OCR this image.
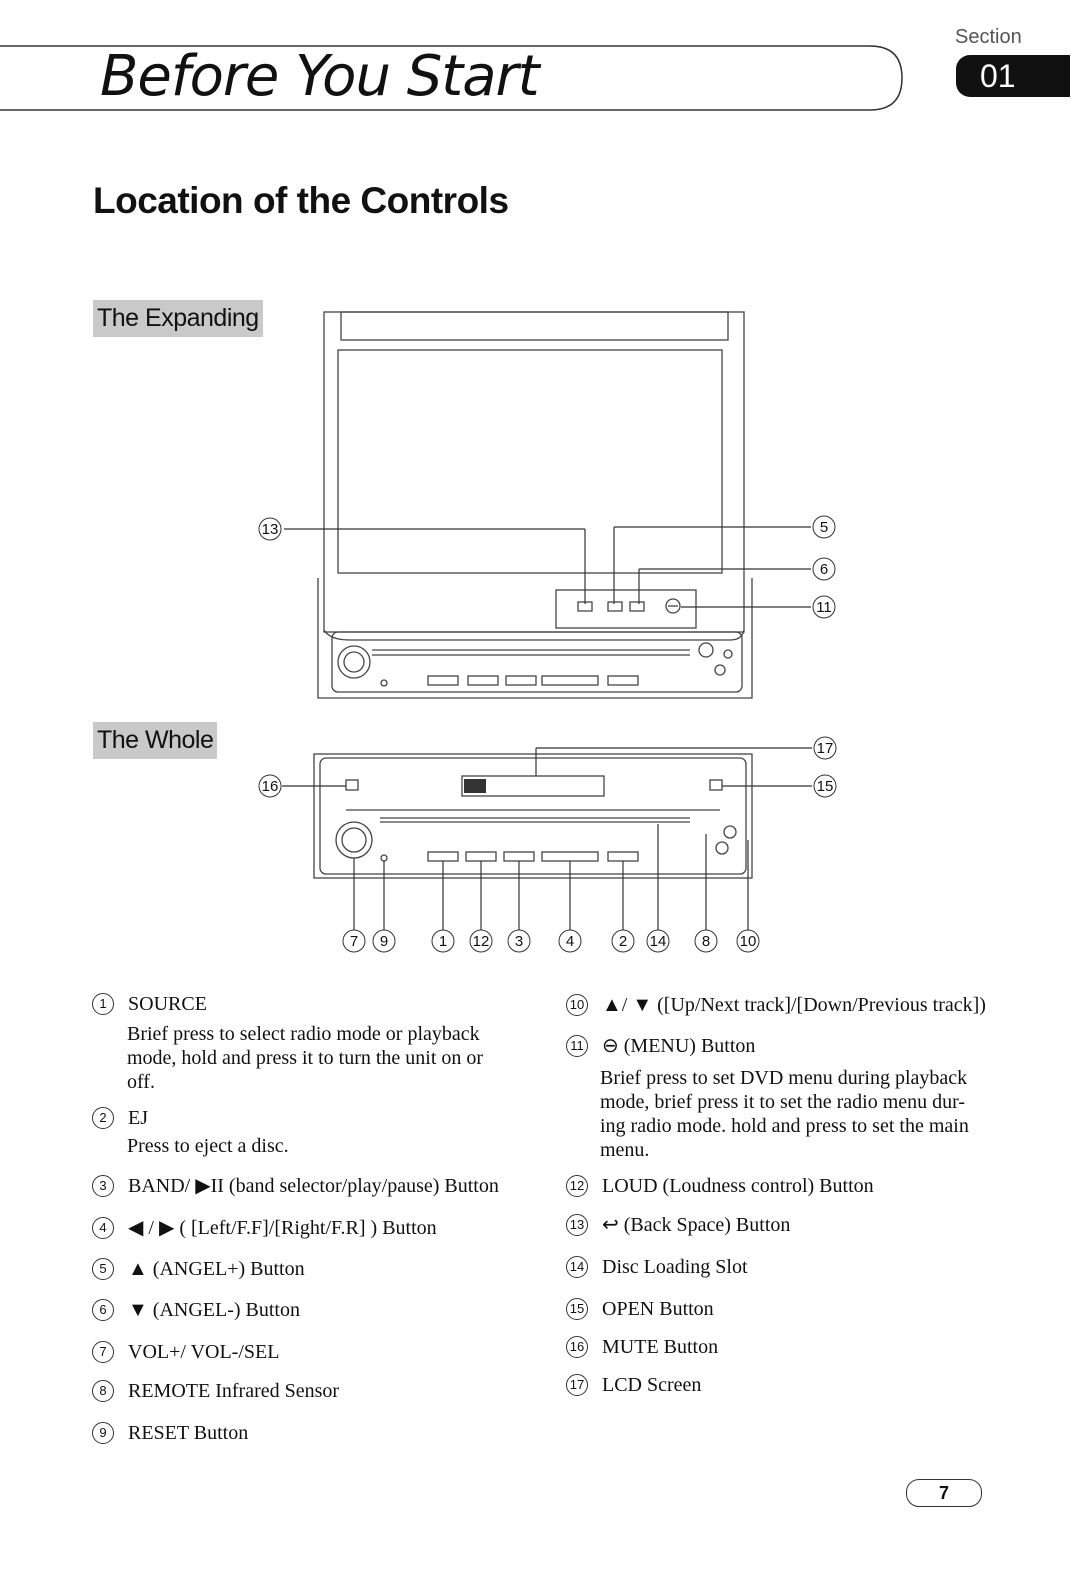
Before You Start
Section
01
Location of the Controls
The Expanding
The Whole
13	5
6
11
17
16	15
7 9	1 12 3	4	2 14 8 10
1 SOURCE
Brief press to select radio mode or playback
mode, hold and press it to turn the unit on or
off.
2 EJ
Press to eject a disc.
3 BAND/ ▶II (band selector/play/pause) Button
4 ◀ / ▶ ( [Left/F.F]/[Right/F.R] ) Button
5 ▲ (ANGEL+) Button
6 ▼ (ANGEL-) Button
7 VOL+/ VOL-/SEL
8 REMOTE Infrared Sensor
9 RESET Button
10 ▲/ ▼ ([Up/Next track]/[Down/Previous track])
11 ⊖ (MENU) Button
Brief press to set DVD menu during playback
mode, brief press it to set the radio menu dur-
ing radio mode. hold and press to set the main
menu.
12 LOUD (Loudness control) Button
13 ↩ (Back Space) Button
14 Disc Loading Slot
15 OPEN Button
16 MUTE Button
17 LCD Screen
7
